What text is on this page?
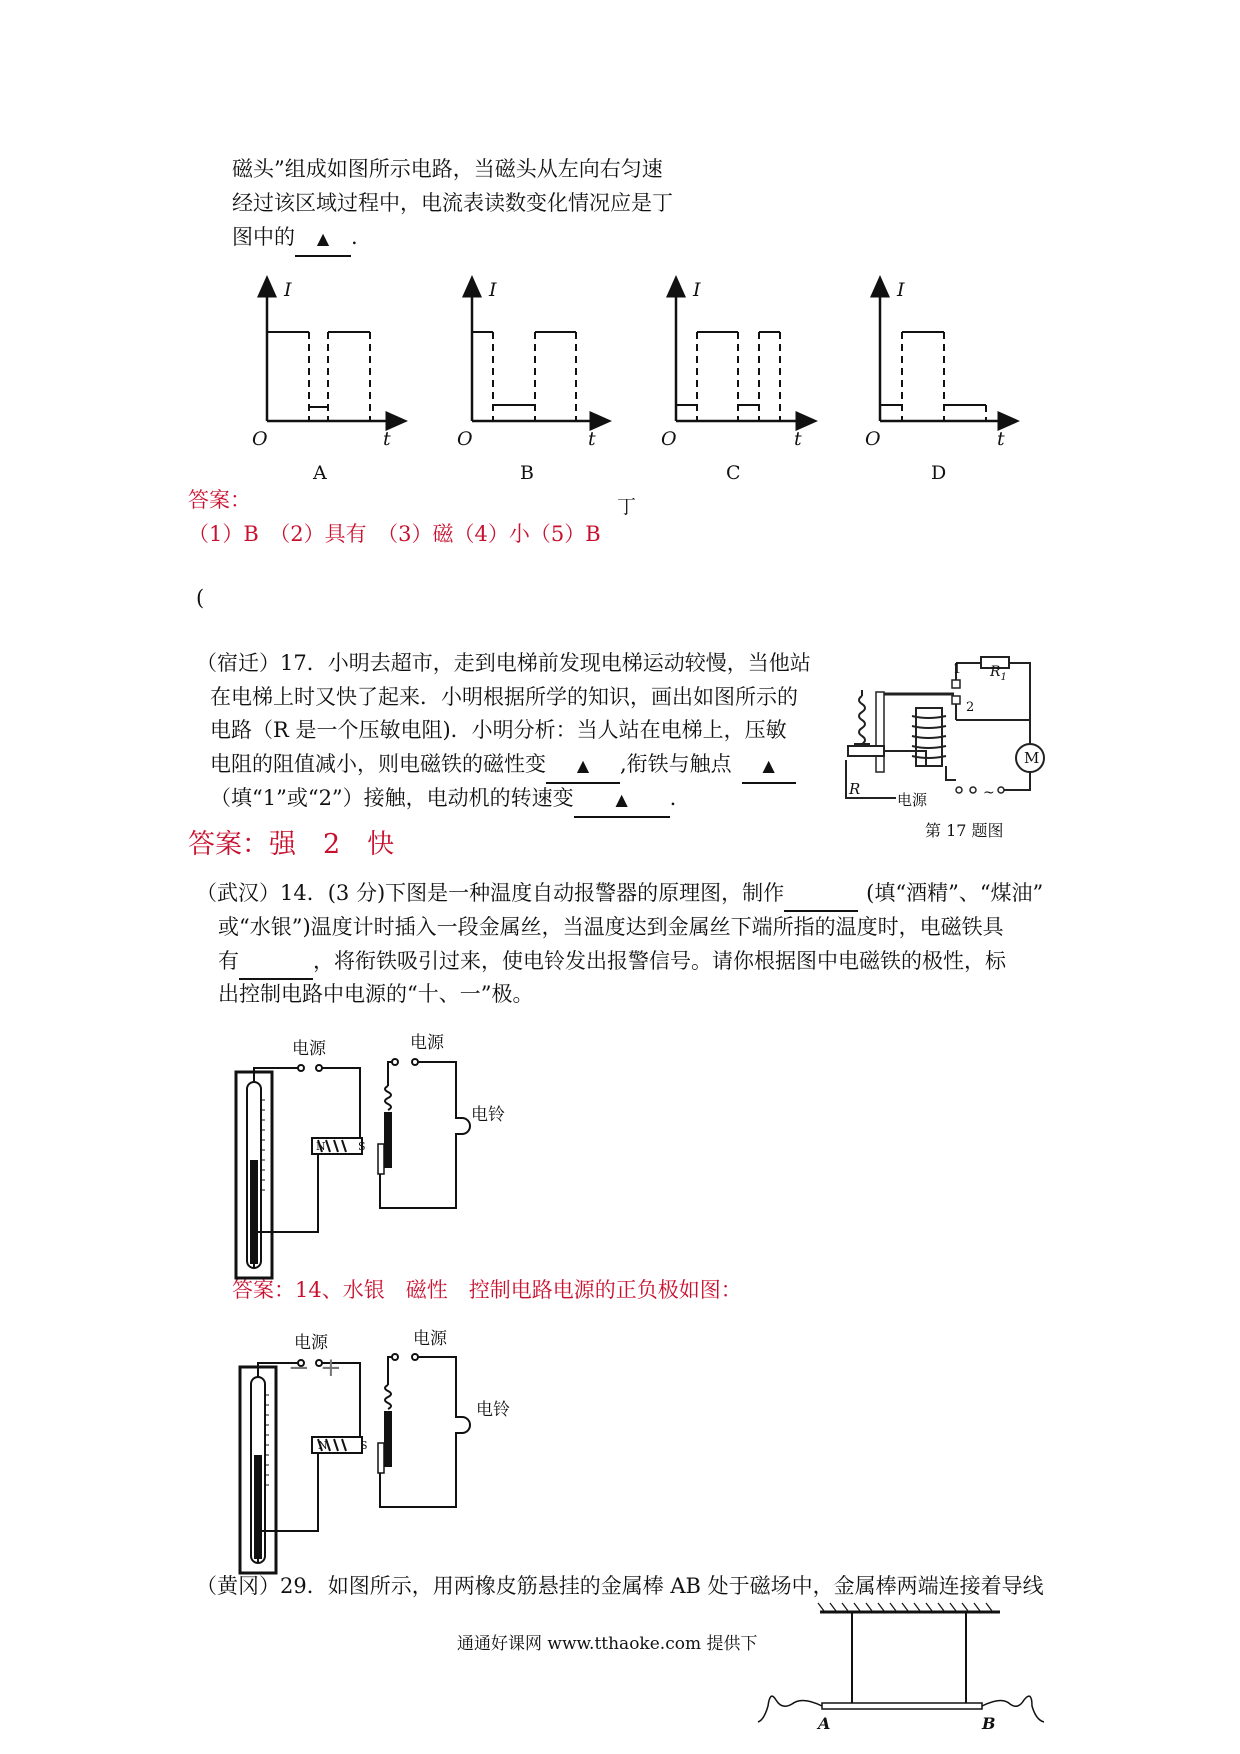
磁头”组成如图所示电路，当磁头从左向右匀速
经过该区域过程中，电流表读数变化情况应是丁
图中的 ▲ .
I	I	I	I
O	O	O	O
t	t	t	t
A	B	C	D
丁
答案：
（1）B　（2）具有　（3）磁（4）小（5）B
(
（宿迁）17．小明去超市，走到电梯前发现电梯运动较慢，当他站
在电梯上时又快了起来．小明根据所学的知识，画出如图所示的
电路（R 是一个压敏电阻)．小明分析：当人站在电梯上，压敏
电阻的阻值减小，则电磁铁的磁性变 ▲ ,衔铁与触点 ▲
（填“1”或“2”）接触，电动机的转速变	▲ .
1
2
$R_1$
M
R
电源	~
第 17 题图
答案：强　2　快
（武汉）14．(3 分)下图是一种温度自动报警器的原理图，制作	(填“酒精”、“煤油”
或“水银”)温度计时插入一段金属丝，当温度达到金属丝下端所指的温度时，电磁铁具
有	，将衔铁吸引过来，使电铃发出报警信号。请你根据图中电磁铁的极性，标
出控制电路中电源的“十、一”极。
电源	电源
电铃
N	S
答案：14、水银　磁性　控制电路电源的正负极如图：
电源	电源
电铃
− +
N	S
（黄冈）29．如图所示，用两橡皮筋悬挂的金属棒 AB 处于磁场中，金属棒两端连接着导线
A	B
通通好课网 www.tthaoke.com 提供下
